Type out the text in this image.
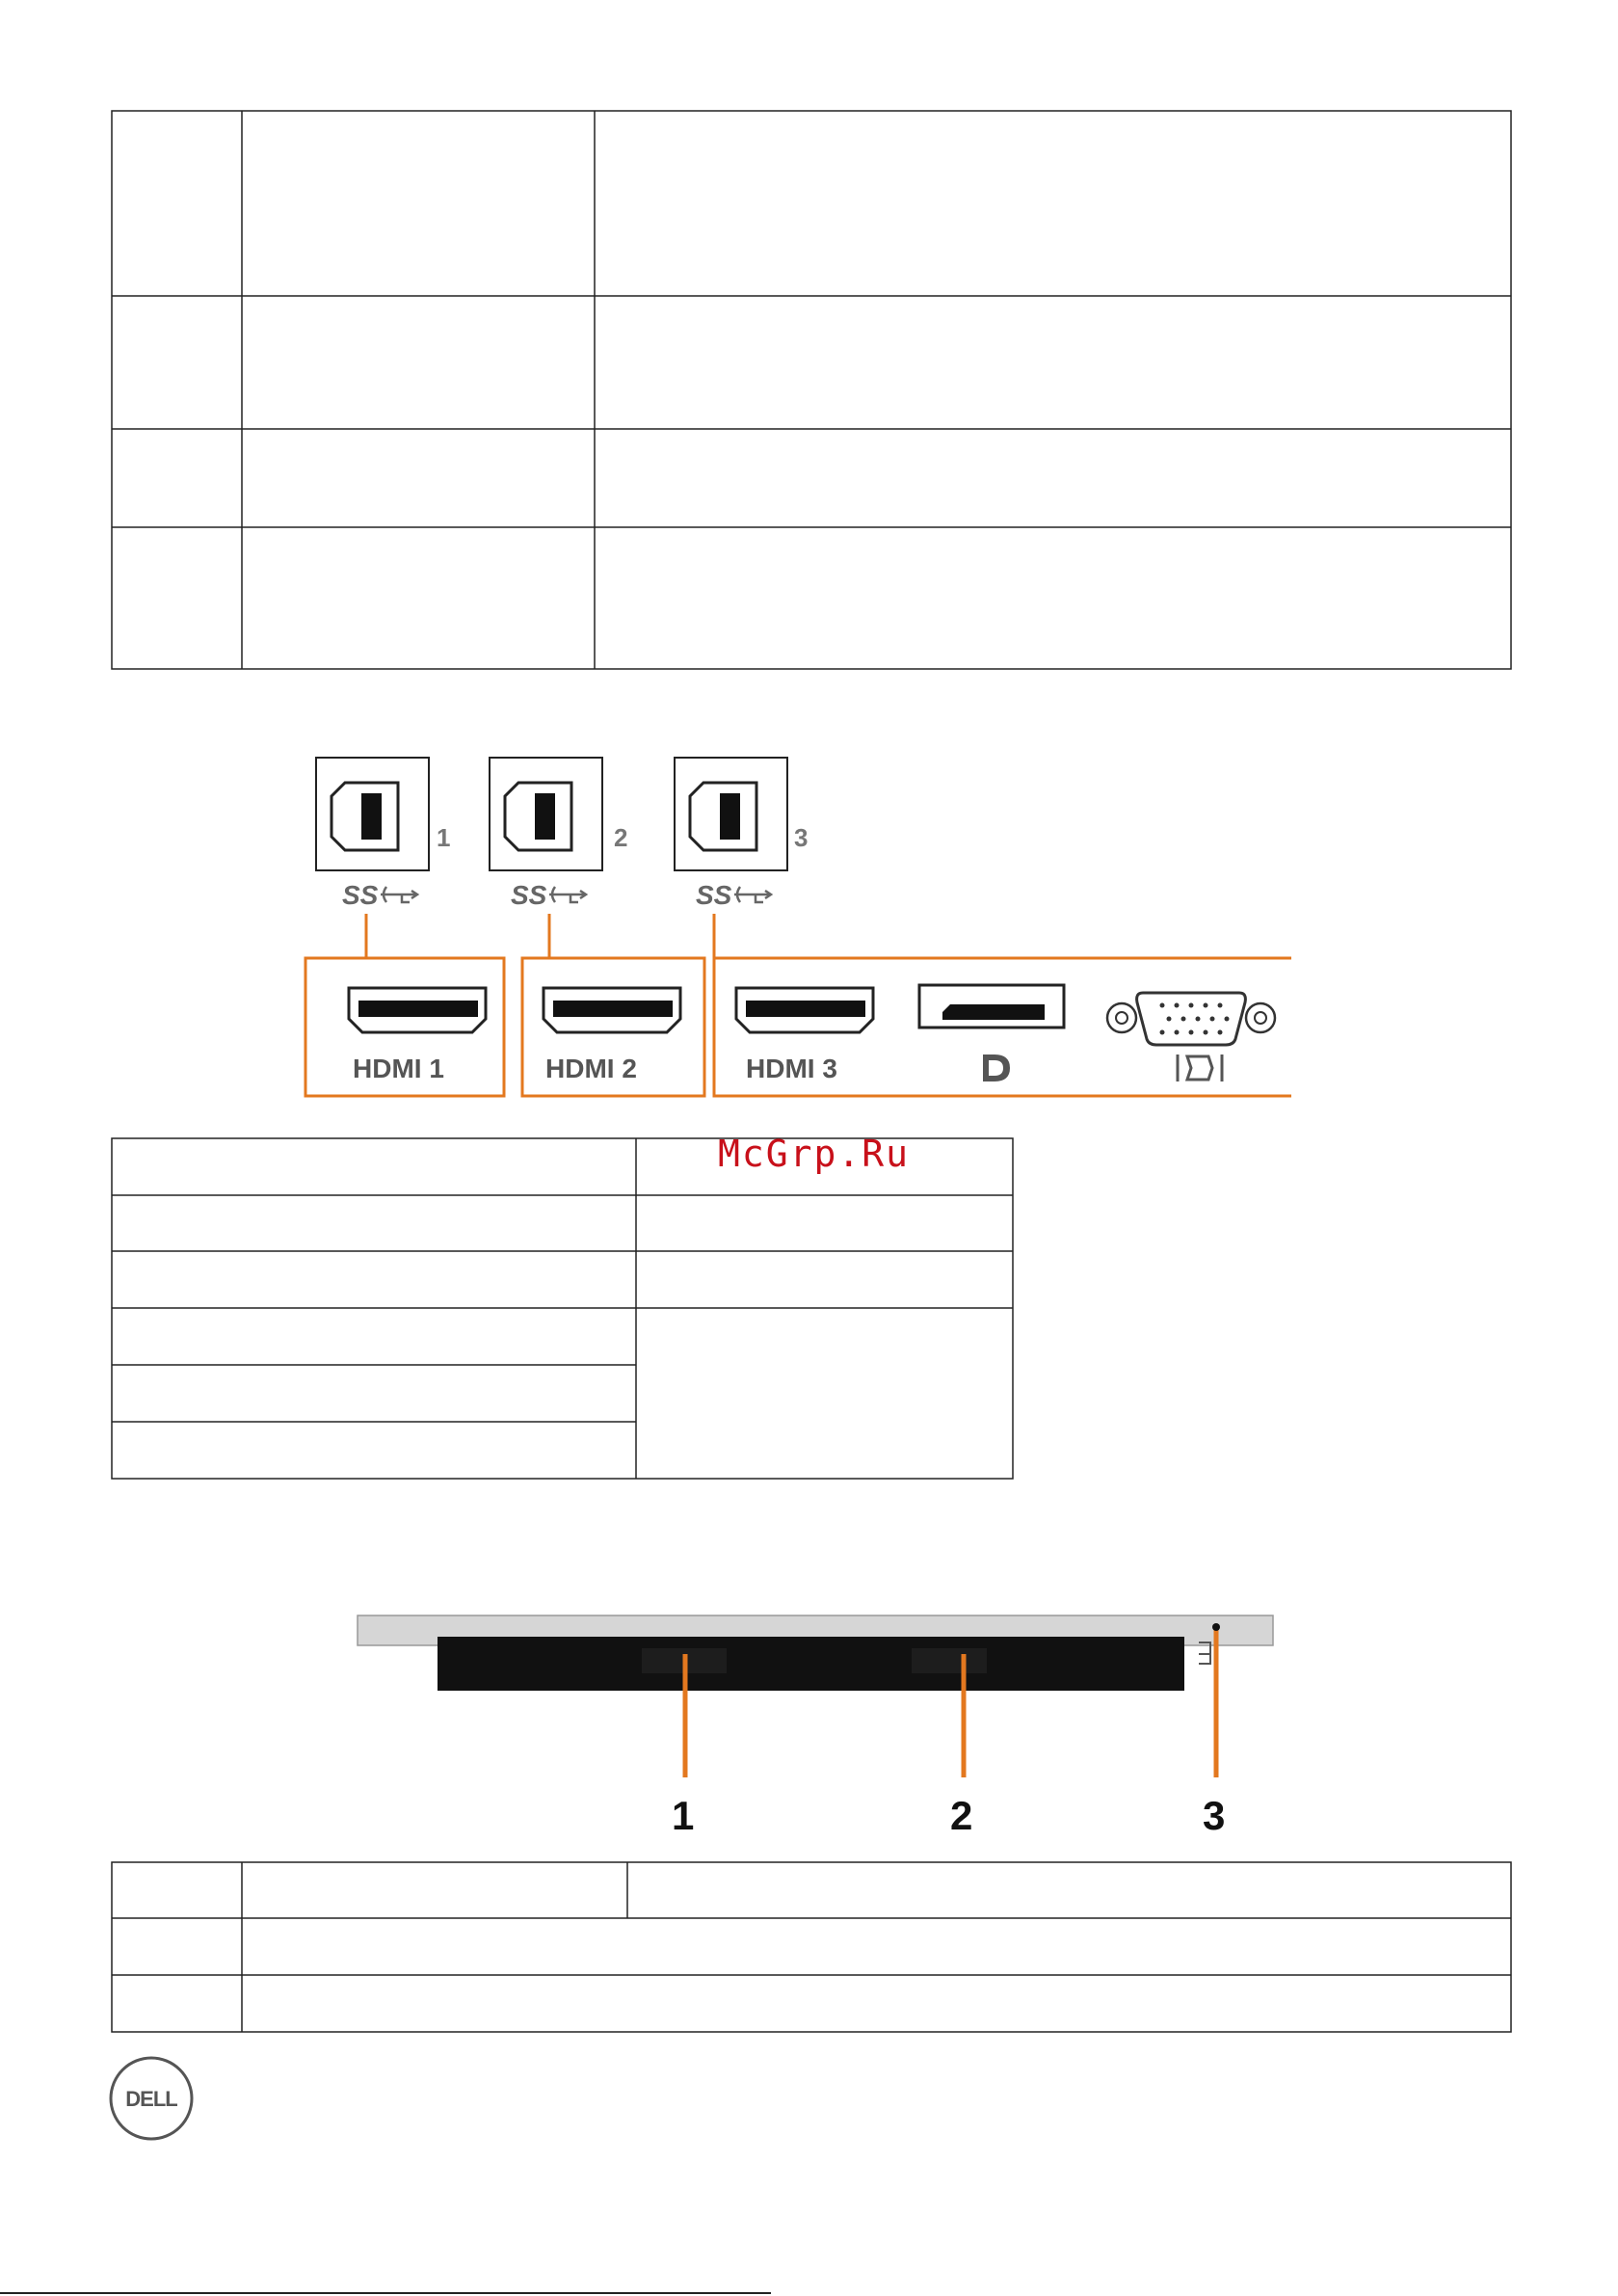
1	2	3
SS	SS	SS
HDMI 1	HDMI 2	HDMI 3
McGrp.Ru
1	2	3
DELL
